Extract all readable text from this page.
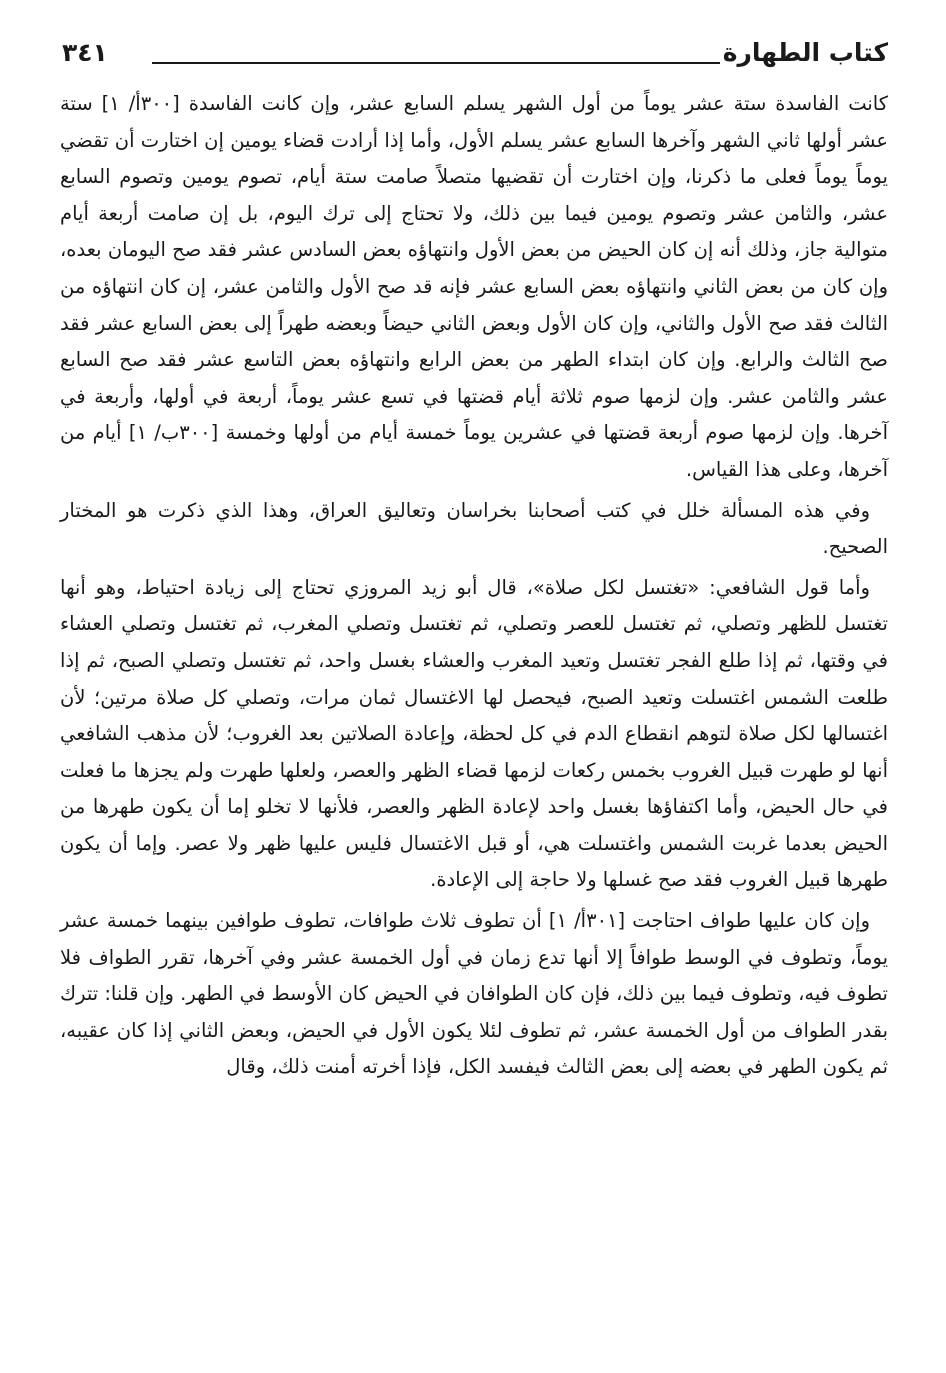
كتاب الطهارة
٣٤١

كانت الفاسدة ستة عشر يوماً من أول الشهر يسلم السابع عشر، وإن كانت الفاسدة [٣٠٠أ/ ١] ستة عشر أولها ثاني الشهر وآخرها السابع عشر يسلم الأول، وأما إذا أرادت قضاء يومين إن اختارت أن تقضي يوماً يوماً فعلى ما ذكرنا، وإن اختارت أن تقضيها متصلاً صامت ستة أيام، تصوم يومين وتصوم السابع عشر، والثامن عشر وتصوم يومين فيما بين ذلك، ولا تحتاج إلى ترك اليوم، بل إن صامت أربعة أيام متوالية جاز، وذلك أنه إن كان الحيض من بعض الأول وانتهاؤه بعض السادس عشر فقد صح اليومان بعده، وإن كان من بعض الثاني وانتهاؤه بعض السابع عشر فإنه قد صح الأول والثامن عشر، إن كان انتهاؤه من الثالث فقد صح الأول والثاني، وإن كان الأول وبعض الثاني حيضاً وبعضه طهراً إلى بعض السابع عشر فقد صح الثالث والرابع. وإن كان ابتداء الطهر من بعض الرابع وانتهاؤه بعض التاسع عشر فقد صح السابع عشر والثامن عشر. وإن لزمها صوم ثلاثة أيام قضتها في تسع عشر يوماً، أربعة في أولها، وأربعة في آخرها. وإن لزمها صوم أربعة قضتها في عشرين يوماً خمسة أيام من أولها وخمسة [٣٠٠ب/ ١] أيام من آخرها، وعلى هذا القياس.

وفي هذه المسألة خلل في كتب أصحابنا بخراسان وتعاليق العراق، وهذا الذي ذكرت هو المختار الصحيح.

وأما قول الشافعي: «تغتسل لكل صلاة»، قال أبو زيد المروزي تحتاج إلى زيادة احتياط، وهو أنها تغتسل للظهر وتصلي، ثم تغتسل للعصر وتصلي، ثم تغتسل وتصلي المغرب، ثم تغتسل وتصلي العشاء في وقتها، ثم إذا طلع الفجر تغتسل وتعيد المغرب والعشاء بغسل واحد، ثم تغتسل وتصلي الصبح، ثم إذا طلعت الشمس اغتسلت وتعيد الصبح، فيحصل لها الاغتسال ثمان مرات، وتصلي كل صلاة مرتين؛ لأن اغتسالها لكل صلاة لتوهم انقطاع الدم في كل لحظة، وإعادة الصلاتين بعد الغروب؛ لأن مذهب الشافعي أنها لو طهرت قبيل الغروب بخمس ركعات لزمها قضاء الظهر والعصر، ولعلها طهرت ولم يجزها ما فعلت في حال الحيض، وأما اكتفاؤها بغسل واحد لإعادة الظهر والعصر، فلأنها لا تخلو إما أن يكون طهرها من الحيض بعدما غربت الشمس واغتسلت هي، أو قبل الاغتسال فليس عليها ظهر ولا عصر. وإما أن يكون طهرها قبيل الغروب فقد صح غسلها ولا حاجة إلى الإعادة.

وإن كان عليها طواف احتاجت [٣٠١أ/ ١] أن تطوف ثلاث طوافات، تطوف طوافين بينهما خمسة عشر يوماً، وتطوف في الوسط طوافاً إلا أنها تدع زمان في أول الخمسة عشر وفي آخرها، تقرر الطواف فلا تطوف فيه، وتطوف فيما بين ذلك، فإن كان الطوافان في الحيض كان الأوسط في الطهر. وإن قلنا: تترك بقدر الطواف من أول الخمسة عشر، ثم تطوف لئلا يكون الأول في الحيض، وبعض الثاني إذا كان عقيبه، ثم يكون الطهر في بعضه إلى بعض الثالث فيفسد الكل، فإذا أخرته أمنت ذلك، وقال
